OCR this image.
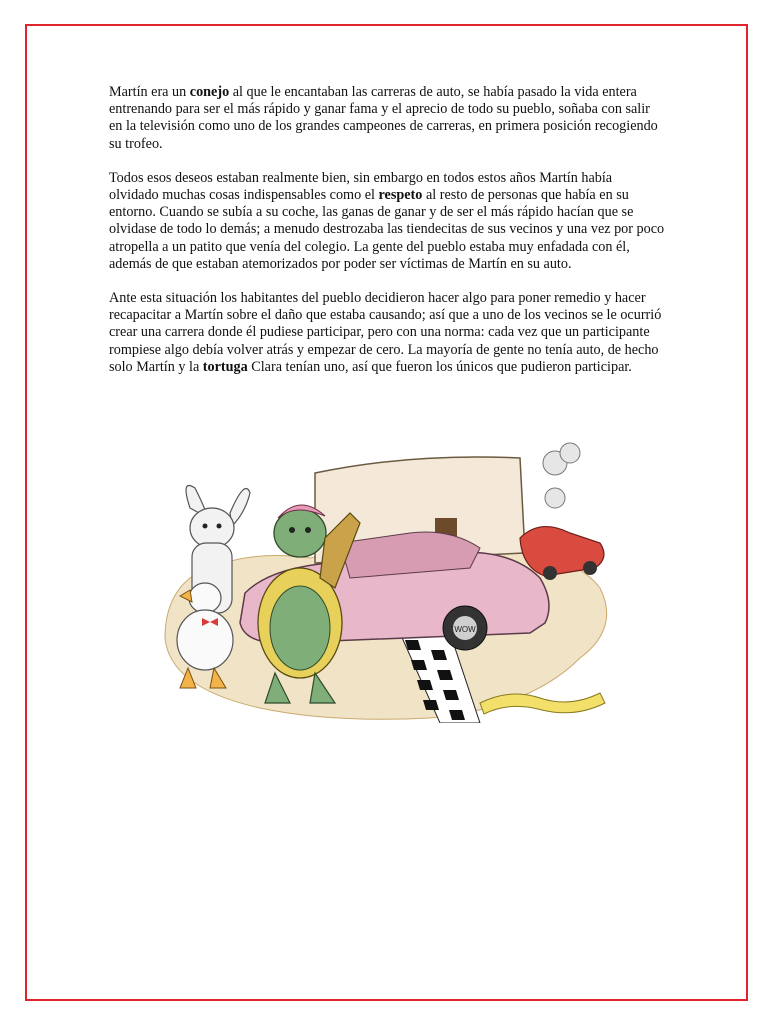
Martín era un conejo al que le encantaban las carreras de auto, se había pasado la vida entera entrenando para ser el más rápido y ganar fama y el aprecio de todo su pueblo, soñaba con salir en la televisión como uno de los grandes campeones de carreras, en primera posición recogiendo su trofeo.

Todos esos deseos estaban realmente bien, sin embargo en todos estos años Martín había olvidado muchas cosas indispensables como el respeto al resto de personas que había en su entorno. Cuando se subía a su coche, las ganas de ganar y de ser el más rápido hacían que se olvidase de todo lo demás; a menudo destrozaba las tiendecitas de sus vecinos y una vez por poco atropella a un patito que venía del colegio. La gente del pueblo estaba muy enfadada con él, además de que estaban atemorizados por poder ser víctimas de Martín en su auto.

Ante esta situación los habitantes del pueblo decidieron hacer algo para poner remedio y hacer recapacitar a Martín sobre el daño que estaba causando; así que a uno de los vecinos se le ocurrió crear una carrera donde él pudiese participar, pero con una norma: cada vez que un participante rompiese algo debía volver atrás y empezar de cero. La mayoría de gente no tenía auto, de hecho solo Martín y la tortuga Clara tenían uno, así que fueron los únicos que pudieron participar.

WOW
